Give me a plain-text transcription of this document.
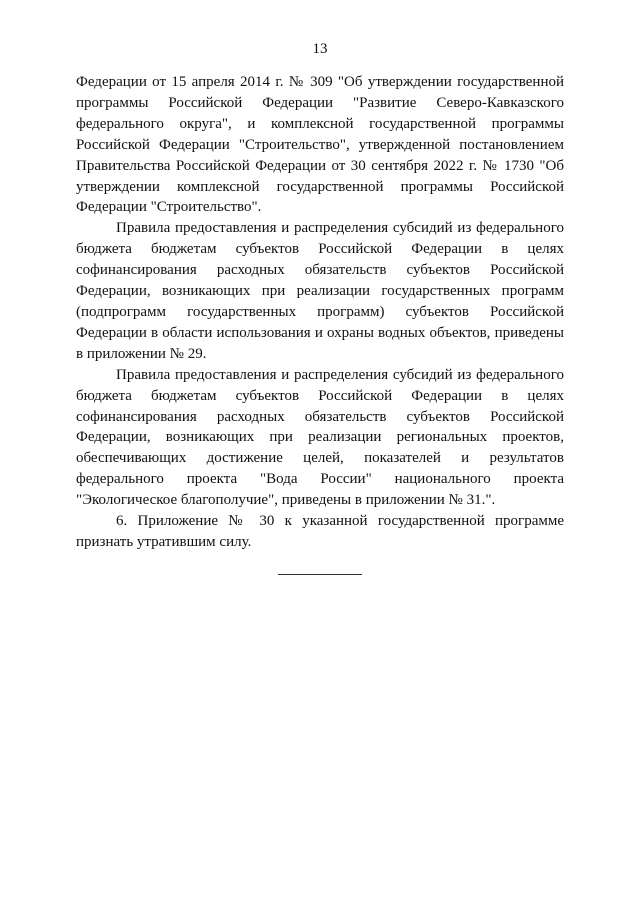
13

Федерации от 15 апреля 2014 г. № 309 "Об утверждении государственной программы Российской Федерации "Развитие Северо-Кавказского федерального округа", и комплексной государственной программы Российской Федерации "Строительство", утвержденной постановлением Правительства Российской Федерации от 30 сентября 2022 г. № 1730 "Об утверждении комплексной государственной программы Российской Федерации "Строительство".

Правила предоставления и распределения субсидий из федерального бюджета бюджетам субъектов Российской Федерации в целях софинансирования расходных обязательств субъектов Российской Федерации, возникающих при реализации государственных программ (подпрограмм государственных программ) субъектов Российской Федерации в области использования и охраны водных объектов, приведены в приложении № 29.

Правила предоставления и распределения субсидий из федерального бюджета бюджетам субъектов Российской Федерации в целях софинансирования расходных обязательств субъектов Российской Федерации, возникающих при реализации региональных проектов, обеспечивающих достижение целей, показателей и результатов федерального проекта "Вода России" национального проекта "Экологическое благополучие", приведены в приложении № 31.".

6. Приложение № 30 к указанной государственной программе признать утратившим силу.
